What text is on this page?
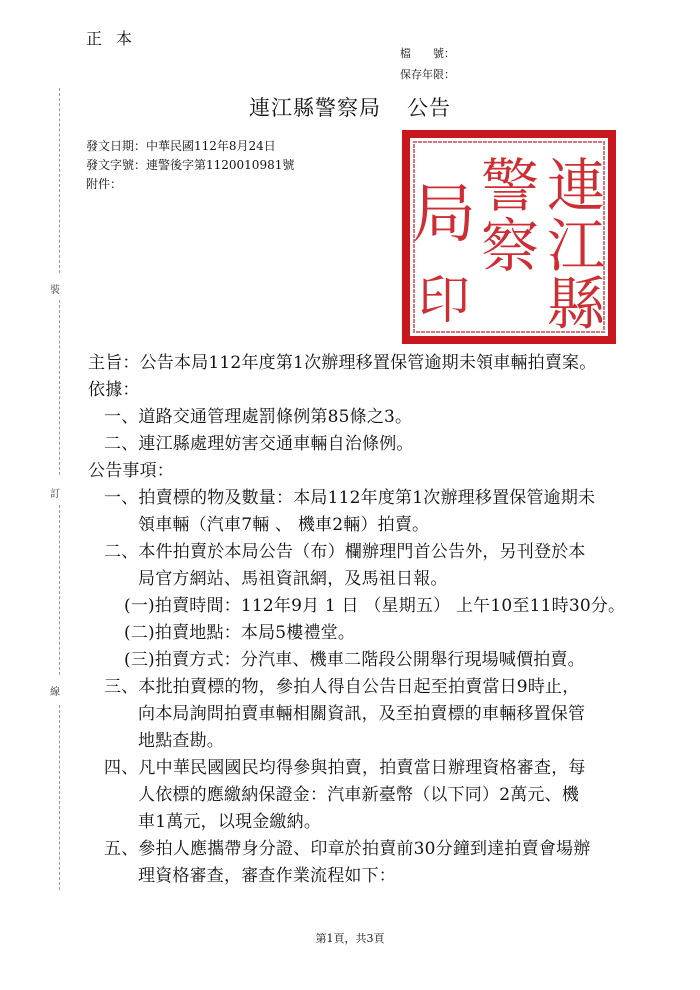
正本
檔　　號：
保存年限：
連江縣警察局 公告
發文日期：中華民國112年8月24日
發文字號：連警後字第1120010981號
附件：	連
江
縣
警
察
局
印
裝
訂
線
主旨：公告本局112年度第1次辦理移置保管逾期未領車輛拍賣案。
依據：
一、道路交通管理處罰條例第85條之3。
二、連江縣處理妨害交通車輛自治條例。
公告事項：
一、拍賣標的物及數量：本局112年度第1次辦理移置保管逾期未
領車輛（汽車7輛 、 機車2輛）拍賣。
二、本件拍賣於本局公告（布）欄辦理門首公告外，另刊登於本
局官方網站、馬祖資訊網，及馬祖日報。
(一)拍賣時間：112年9月 1 日 （星期五） 上午10至11時30分。
(二)拍賣地點：本局5樓禮堂。
(三)拍賣方式：分汽車、機車二階段公開舉行現場喊價拍賣。
三、本批拍賣標的物，參拍人得自公告日起至拍賣當日9時止，
向本局詢問拍賣車輛相關資訊，及至拍賣標的車輛移置保管
地點查勘。
四、凡中華民國國民均得參與拍賣，拍賣當日辦理資格審查，每
人依標的應繳納保證金：汽車新臺幣（以下同）2萬元、機
車1萬元，以現金繳納。
五、參拍人應攜帶身分證、印章於拍賣前30分鐘到達拍賣會場辦
理資格審查，審查作業流程如下：
第1頁，共3頁
